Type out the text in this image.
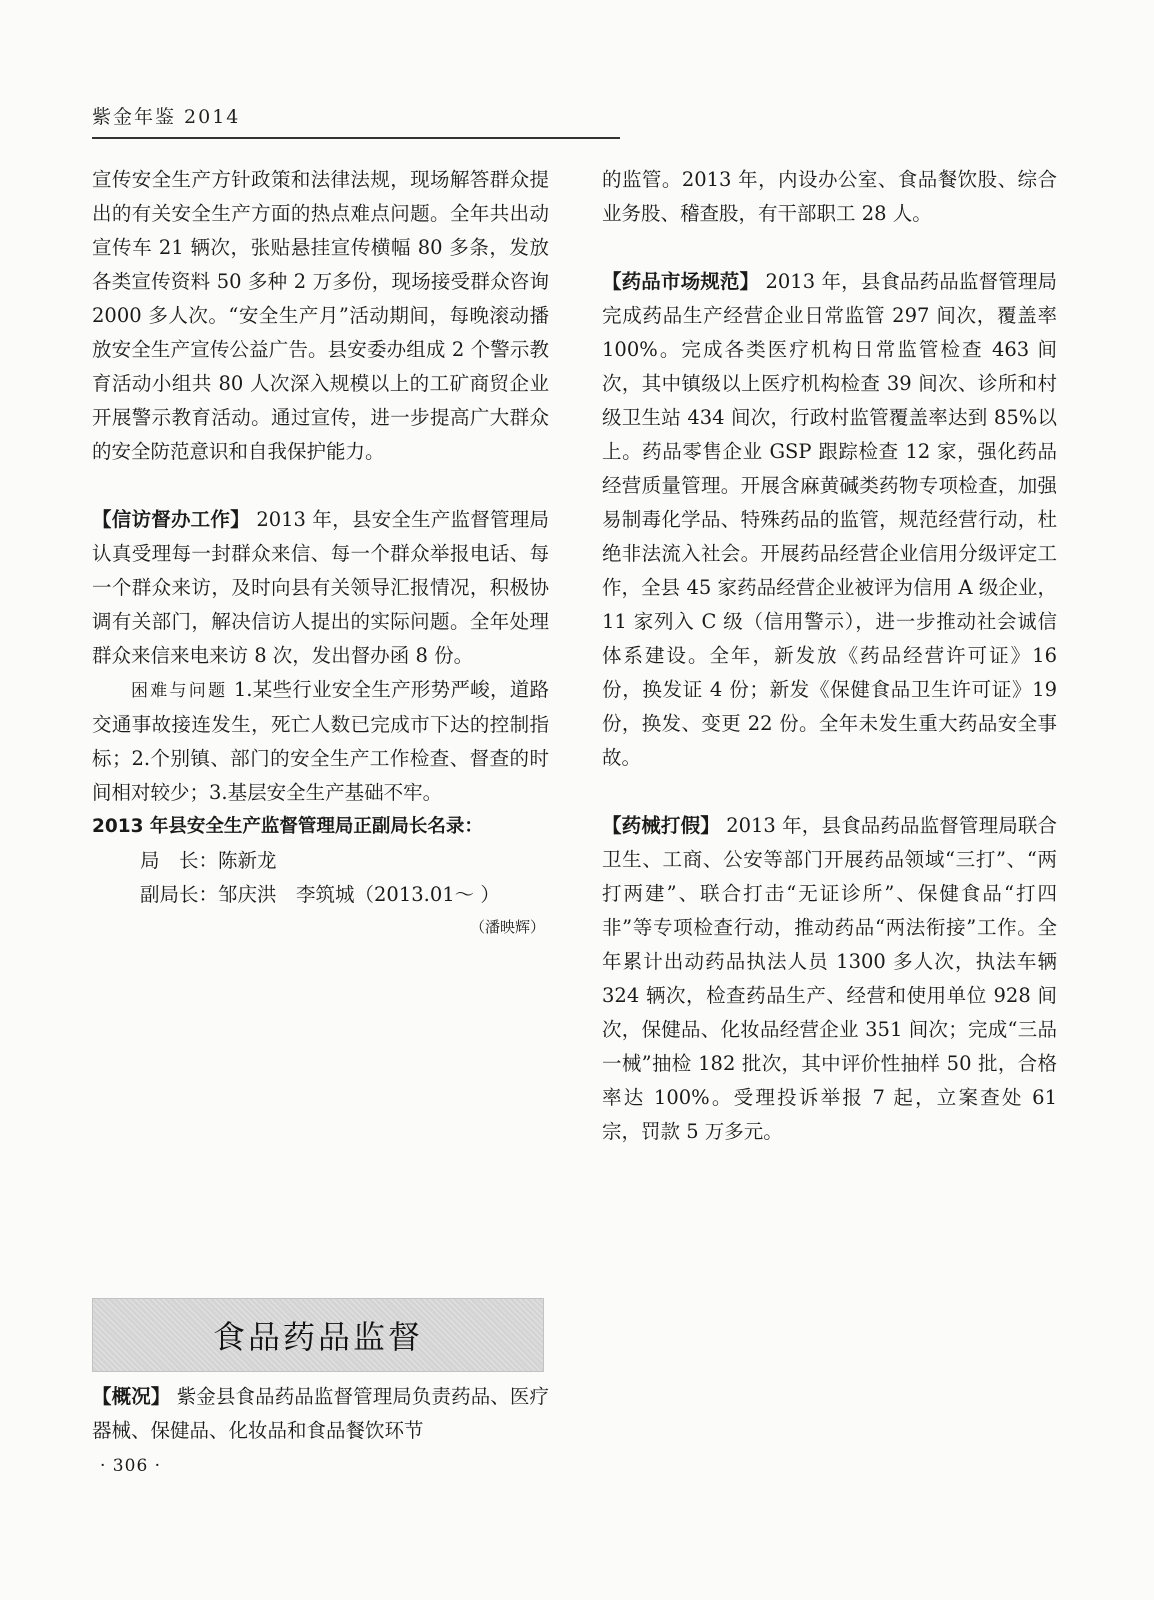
紫金年鉴 2014

宣传安全生产方针政策和法律法规，现场解答群众提出的有关安全生产方面的热点难点问题。全年共出动宣传车 21 辆次，张贴悬挂宣传横幅 80 多条，发放各类宣传资料 50 多种 2 万多份，现场接受群众咨询 2000 多人次。“安全生产月”活动期间，每晚滚动播放安全生产宣传公益广告。县安委办组成 2 个警示教育活动小组共 80 人次深入规模以上的工矿商贸企业开展警示教育活动。通过宣传，进一步提高广大群众的安全防范意识和自我保护能力。

【信访督办工作】 2013 年，县安全生产监督管理局认真受理每一封群众来信、每一个群众举报电话、每一个群众来访，及时向县有关领导汇报情况，积极协调有关部门，解决信访人提出的实际问题。全年处理群众来信来电来访 8 次，发出督办函 8 份。

困难与问题 1.某些行业安全生产形势严峻，道路交通事故接连发生，死亡人数已完成市下达的控制指标；2.个别镇、部门的安全生产工作检查、督查的时间相对较少；3.基层安全生产基础不牢。

2013 年县安全生产监督管理局正副局长名录：

局　长：陈新龙

副局长：邹庆洪　李筑城（2013.01～ ）

（潘映辉）

食品药品监督

【概况】 紫金县食品药品监督管理局负责药品、医疗器械、保健品、化妆品和食品餐饮环节

· 306 ·

的监管。2013 年，内设办公室、食品餐饮股、综合业务股、稽查股，有干部职工 28 人。

【药品市场规范】 2013 年，县食品药品监督管理局完成药品生产经营企业日常监管 297 间次，覆盖率 100%。完成各类医疗机构日常监管检查 463 间次，其中镇级以上医疗机构检查 39 间次、诊所和村级卫生站 434 间次，行政村监管覆盖率达到 85%以上。药品零售企业 GSP 跟踪检查 12 家，强化药品经营质量管理。开展含麻黄碱类药物专项检查，加强易制毒化学品、特殊药品的监管，规范经营行动，杜绝非法流入社会。开展药品经营企业信用分级评定工作，全县 45 家药品经营企业被评为信用 A 级企业，11 家列入 C 级（信用警示），进一步推动社会诚信体系建设。全年，新发放《药品经营许可证》16 份，换发证 4 份；新发《保健食品卫生许可证》19 份，换发、变更 22 份。全年未发生重大药品安全事故。

【药械打假】 2013 年，县食品药品监督管理局联合卫生、工商、公安等部门开展药品领域“三打”、“两打两建”、联合打击“无证诊所”、保健食品“打四非”等专项检查行动，推动药品“两法衔接”工作。全年累计出动药品执法人员 1300 多人次，执法车辆 324 辆次，检查药品生产、经营和使用单位 928 间次，保健品、化妆品经营企业 351 间次；完成“三品一械”抽检 182 批次，其中评价性抽样 50 批，合格率达 100%。受理投诉举报 7 起，立案查处 61 宗，罚款 5 万多元。
